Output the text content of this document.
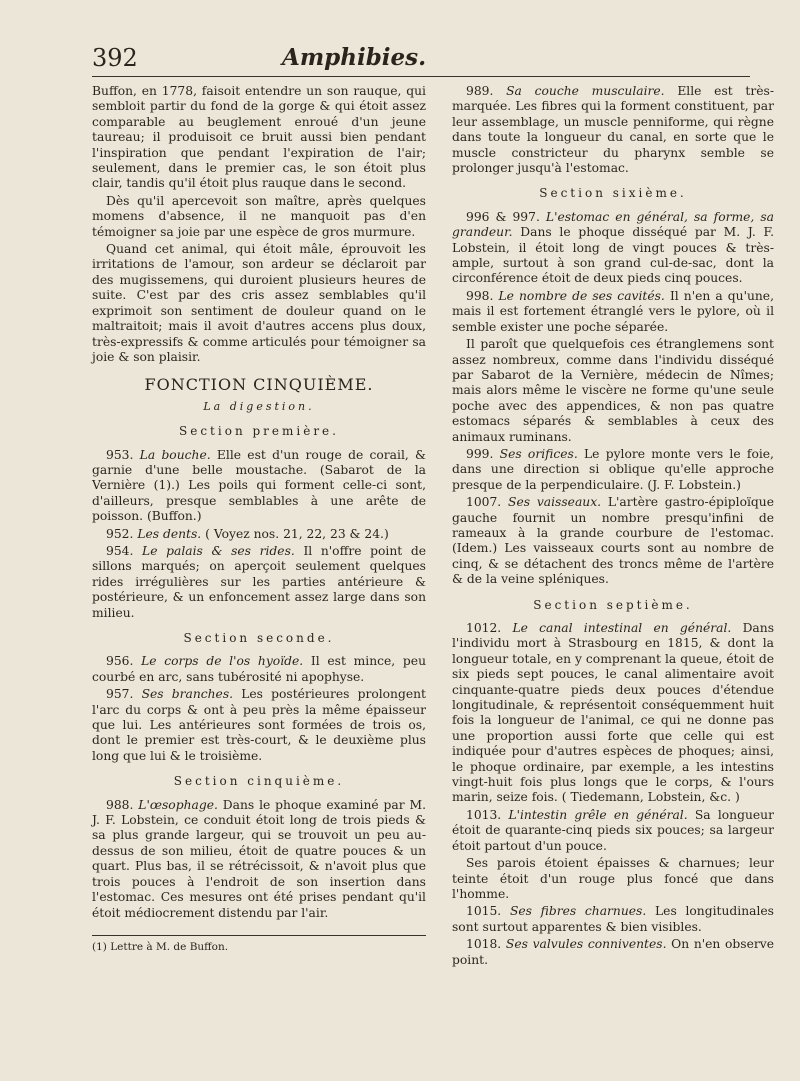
392	Amphibies.

Buffon, en 1778, faisoit entendre un son rauque, qui sembloit partir du fond de la gorge & qui étoit assez comparable au beuglement enroué d'un jeune taureau; il produisoit ce bruit aussi bien pendant l'inspiration que pendant l'expiration de l'air; seulement, dans le premier cas, le son étoit plus clair, tandis qu'il étoit plus rauque dans le second.

Dès qu'il apercevoit son maître, après quelques momens d'absence, il ne manquoit pas d'en témoigner sa joie par une espèce de gros murmure.

Quand cet animal, qui étoit mâle, éprouvoit les irritations de l'amour, son ardeur se déclaroit par des mugissemens, qui duroient plusieurs heures de suite. C'est par des cris assez semblables qu'il exprimoit son sentiment de douleur quand on le maltraitoit; mais il avoit d'autres accens plus doux, très-expressifs & comme articulés pour témoigner sa joie & son plaisir.

FONCTION CINQUIÈME.
La digestion.
Section première.

953. La bouche. Elle est d'un rouge de corail, & garnie d'une belle moustache. (Sabarot de la Vernière (1).) Les poils qui forment celle-ci sont, d'ailleurs, presque semblables à une arête de poisson. (Buffon.)

952. Les dents. ( Voyez nos. 21, 22, 23 & 24.)

954. Le palais & ses rides. Il n'offre point de sillons marqués; on aperçoit seulement quelques rides irrégulières sur les parties antérieure & postérieure, & un enfoncement assez large dans son milieu.

Section seconde.

956. Le corps de l'os hyoïde. Il est mince, peu courbé en arc, sans tubérosité ni apophyse.

957. Ses branches. Les postérieures prolongent l'arc du corps & ont à peu près la même épaisseur que lui. Les antérieures sont formées de trois os, dont le premier est très-court, & le deuxième plus long que lui & le troisième.

Section cinquième.

988. L'œsophage. Dans le phoque examiné par M. J. F. Lobstein, ce conduit étoit long de trois pieds & sa plus grande largeur, qui se trouvoit un peu au-dessus de son milieu, étoit de quatre pouces & un quart. Plus bas, il se rétrécissoit, & n'avoit plus que trois pouces à l'endroit de son insertion dans l'estomac. Ces mesures ont été prises pendant qu'il étoit médiocrement distendu par l'air.

(1) Lettre à M. de Buffon.

989. Sa couche musculaire. Elle est très-marquée. Les fibres qui la forment constituent, par leur assemblage, un muscle penniforme, qui règne dans toute la longueur du canal, en sorte que le muscle constricteur du pharynx semble se prolonger jusqu'à l'estomac.

Section sixième.

996 & 997. L'estomac en général, sa forme, sa grandeur. Dans le phoque disséqué par M. J. F. Lobstein, il étoit long de vingt pouces & très-ample, surtout à son grand cul-de-sac, dont la circonférence étoit de deux pieds cinq pouces.

998. Le nombre de ses cavités. Il n'en a qu'une, mais il est fortement étranglé vers le pylore, où il semble exister une poche séparée.

Il paroît que quelquefois ces étranglemens sont assez nombreux, comme dans l'individu disséqué par Sabarot de la Vernière, médecin de Nîmes; mais alors même le viscère ne forme qu'une seule poche avec des appendices, & non pas quatre estomacs séparés & semblables à ceux des animaux ruminans.

999. Ses orifices. Le pylore monte vers le foie, dans une direction si oblique qu'elle approche presque de la perpendiculaire. (J. F. Lobstein.)

1007. Ses vaisseaux. L'artère gastro-épiploïque gauche fournit un nombre presqu'infini de rameaux à la grande courbure de l'estomac. (Idem.) Les vaisseaux courts sont au nombre de cinq, & se détachent des troncs même de l'artère & de la veine spléniques.

Section septième.

1012. Le canal intestinal en général. Dans l'individu mort à Strasbourg en 1815, & dont la longueur totale, en y comprenant la queue, étoit de six pieds sept pouces, le canal alimentaire avoit cinquante-quatre pieds deux pouces d'étendue longitudinale, & représentoit conséquemment huit fois la longueur de l'animal, ce qui ne donne pas une proportion aussi forte que celle qui est indiquée pour d'autres espèces de phoques; ainsi, le phoque ordinaire, par exemple, a les intestins vingt-huit fois plus longs que le corps, & l'ours marin, seize fois. ( Tiedemann, Lobstein, &c. )

1013. L'intestin grêle en général. Sa longueur étoit de quarante-cinq pieds six pouces; sa largeur étoit partout d'un pouce.

Ses parois étoient épaisses & charnues; leur teinte étoit d'un rouge plus foncé que dans l'homme.

1015. Ses fibres charnues. Les longitudinales sont surtout apparentes & bien visibles.

1018. Ses valvules conniventes. On n'en observe point.
